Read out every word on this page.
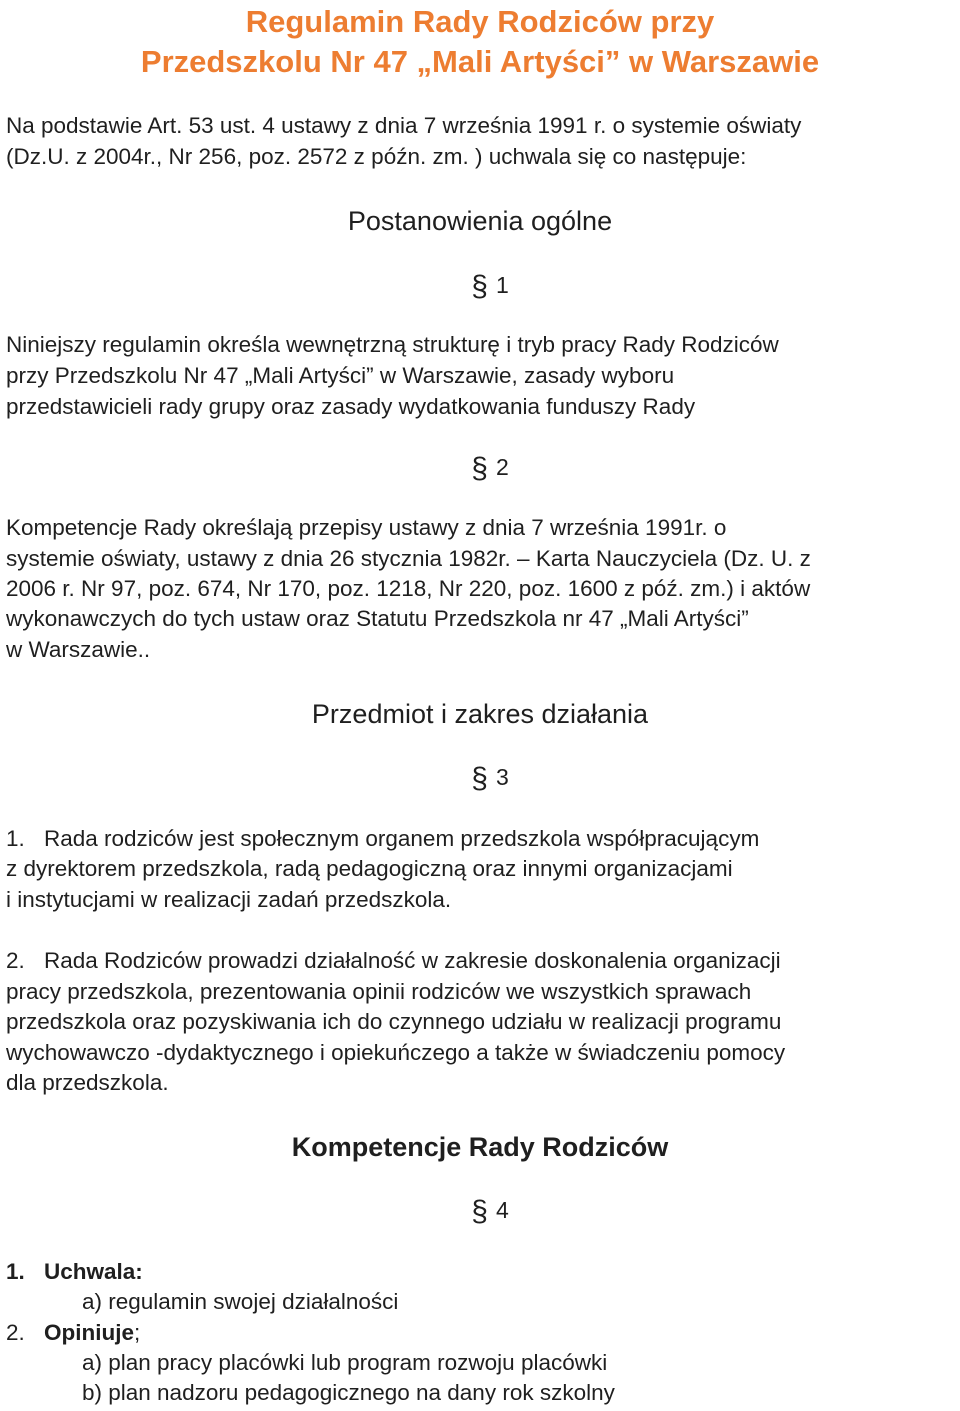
Regulamin Rady Rodziców przy
Przedszkolu Nr 47 „Mali Artyści” w Warszawie
Na podstawie Art. 53 ust. 4 ustawy z dnia 7 września 1991 r. o systemie oświaty
(Dz.U. z 2004r., Nr 256, poz. 2572 z późn. zm. ) uchwala się co następuje:
Postanowienia ogólne
§ 1
Niniejszy regulamin określa wewnętrzną strukturę i tryb pracy Rady Rodziców
przy Przedszkolu Nr 47 „Mali Artyści” w Warszawie, zasady wyboru
przedstawicieli rady grupy oraz zasady wydatkowania funduszy Rady
§ 2
Kompetencje Rady określają przepisy ustawy z dnia 7 września 1991r. o
systemie oświaty, ustawy z dnia 26 stycznia 1982r. – Karta Nauczyciela (Dz. U. z
2006 r. Nr 97, poz. 674, Nr 170, poz. 1218, Nr 220, poz. 1600 z póź. zm.) i aktów
wykonawczych do tych ustaw oraz Statutu Przedszkola nr 47 „Mali Artyści”
w Warszawie..
Przedmiot i zakres działania
§ 3
1. Rada rodziców jest społecznym organem przedszkola współpracującym
z dyrektorem przedszkola, radą pedagogiczną oraz innymi organizacjami
i instytucjami w realizacji zadań przedszkola.
2. Rada Rodziców prowadzi działalność w zakresie doskonalenia organizacji
pracy przedszkola, prezentowania opinii rodziców we wszystkich sprawach
przedszkola oraz pozyskiwania ich do czynnego udziału w realizacji programu
wychowawczo -dydaktycznego i opiekuńczego a także w świadczeniu pomocy
dla przedszkola.
Kompetencje Rady Rodziców
§ 4
1. Uchwala:
a) regulamin swojej działalności
2. Opiniuje;
a) plan pracy placówki lub program rozwoju placówki
b) plan nadzoru pedagogicznego na dany rok szkolny
